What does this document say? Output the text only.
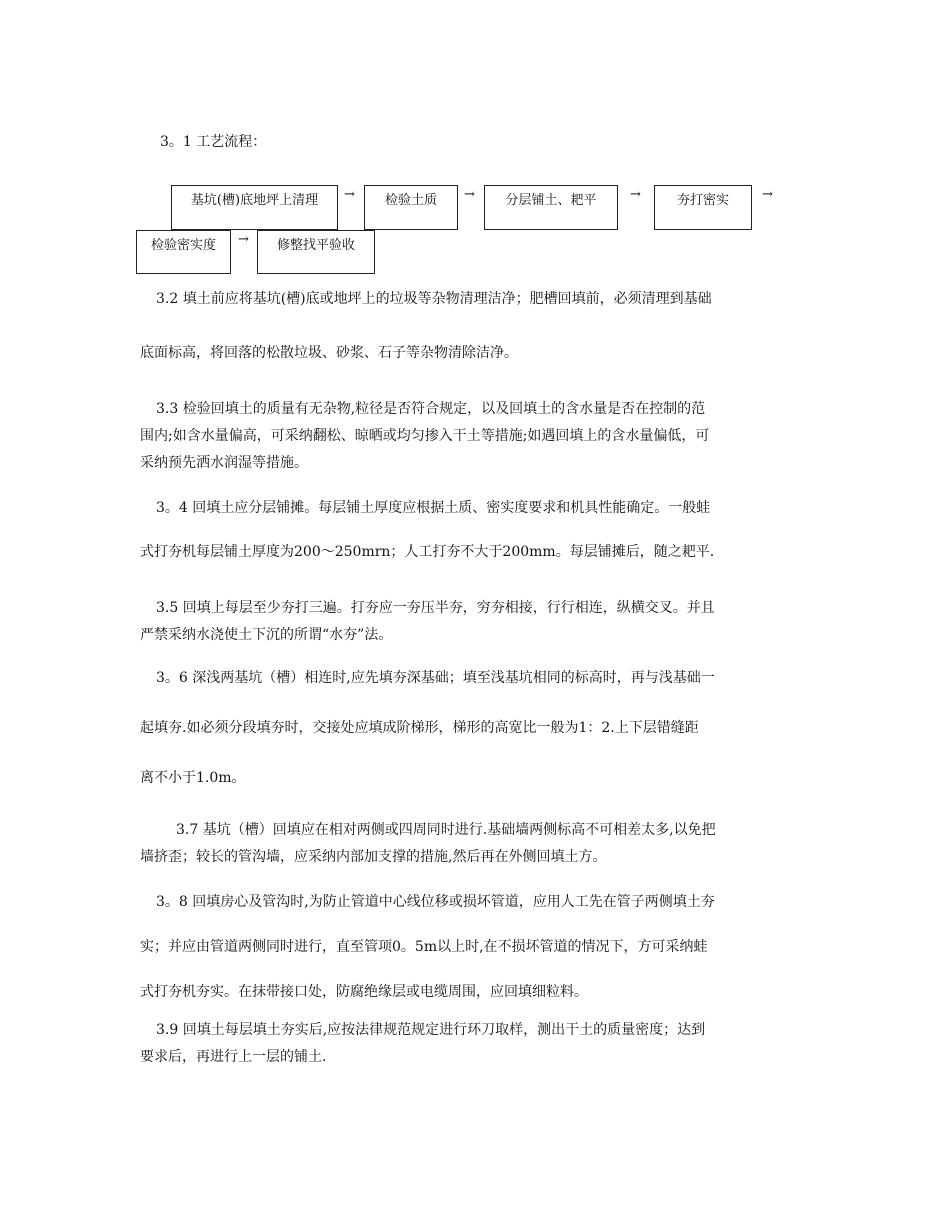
3。1 工艺流程：
基坑(槽)底地坪上清理	→	检验土质	→	分层铺土、耙平	→	夯打密实	→
检验密实度	→	修整找平验收
3.2 填土前应将基坑(槽)底或地坪上的垃圾等杂物清理洁净；肥槽回填前，必须清理到基础
底面标高，将回落的松散垃圾、砂浆、石子等杂物清除洁净。
3.3 检验回填土的质量有无杂物,粒径是否符合规定，以及回填土的含水量是否在控制的范
围内;如含水量偏高，可采纳翻松、晾晒或均匀掺入干土等措施;如遇回填上的含水量偏低，可
采纳预先洒水润湿等措施。
3。4 回填土应分层铺摊。每层铺土厚度应根据土质、密实度要求和机具性能确定。一般蛙
式打夯机每层铺土厚度为200～250mrn；人工打夯不大于200mm。每层铺摊后，随之耙平.
3.5 回填上每层至少夯打三遍。打夯应一夯压半夯，穷夯相接，行行相连，纵横交叉。并且
严禁采纳水浇使土下沉的所谓“水夯”法。
3。6 深浅两基坑（槽）相连时,应先填夯深基础；填至浅基坑相同的标高时，再与浅基础一
起填夯.如必须分段填夯时，交接处应填成阶梯形，梯形的高宽比一般为1：2.上下层错缝距
离不小于1.0m。
3.7 基坑（槽）回填应在相对两侧或四周同时进行.基础墙两侧标高不可相差太多,以免把
墙挤歪；较长的管沟墙，应采纳内部加支撑的措施,然后再在外侧回填土方。
3。8 回填房心及管沟时,为防止管道中心线位移或损坏管道，应用人工先在管子两侧填土夯
实；并应由管道两侧同时进行，直至管项0。5m以上时,在不损坏管道的情况下，方可采纳蛙
式打夯机夯实。在抹带接口处，防腐绝缘层或电缆周围，应回填细粒料。
3.9 回填土每层填土夯实后,应按法律规范规定进行环刀取样，测出干土的质量密度；达到
要求后，再进行上一层的铺土.
